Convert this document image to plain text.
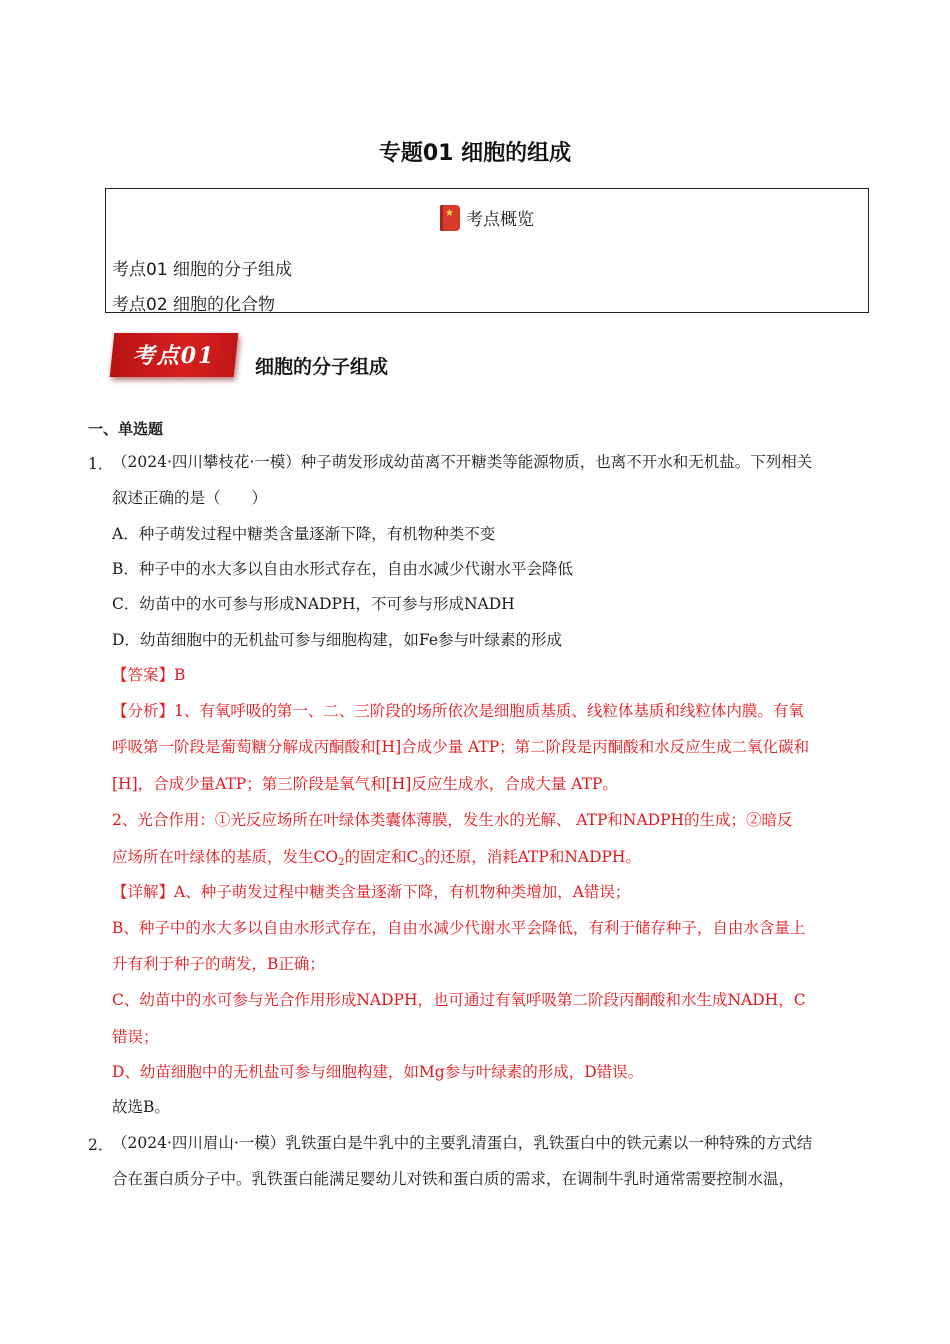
专题01 细胞的组成
★考点概览
考点01 细胞的分子组成
考点02 细胞的化合物
考点01	细胞的分子组成
一、单选题
1．
（2024·四川攀枝花·一模）种子萌发形成幼苗离不开糖类等能源物质，也离不开水和无机盐。下列相关
叙述正确的是（　　）
A．种子萌发过程中糖类含量逐渐下降，有机物种类不变
B．种子中的水大多以自由水形式存在，自由水减少代谢水平会降低
C．幼苗中的水可参与形成NADPH，不可参与形成NADH
D．幼苗细胞中的无机盐可参与细胞构建，如Fe参与叶绿素的形成
【答案】B
【分析】1、有氧呼吸的第一、二、三阶段的场所依次是细胞质基质、线粒体基质和线粒体内膜。有氧
呼吸第一阶段是葡萄糖分解成丙酮酸和[H]合成少量 ATP；第二阶段是丙酮酸和水反应生成二氧化碳和
[H]，合成少量ATP；第三阶段是氧气和[H]反应生成水，合成大量 ATP。
2、光合作用：①光反应场所在叶绿体类囊体薄膜，发生水的光解、 ATP和NADPH的生成；②暗反
应场所在叶绿体的基质，发生$CO_2$的固定和$C_3$的还原，消耗ATP和NADPH。
【详解】A、种子萌发过程中糖类含量逐渐下降，有机物种类增加，A错误；
B、种子中的水大多以自由水形式存在，自由水减少代谢水平会降低，有利于储存种子，自由水含量上
升有利于种子的萌发，B正确；
C、幼苗中的水可参与光合作用形成NADPH，也可通过有氧呼吸第二阶段丙酮酸和水生成NADH，C
错误；
D、幼苗细胞中的无机盐可参与细胞构建，如Mg参与叶绿素的形成，D错误。
故选B。
2．
（2024·四川眉山·一模）乳铁蛋白是牛乳中的主要乳清蛋白，乳铁蛋白中的铁元素以一种特殊的方式结
合在蛋白质分子中。乳铁蛋白能满足婴幼儿对铁和蛋白质的需求，在调制牛乳时通常需要控制水温，
